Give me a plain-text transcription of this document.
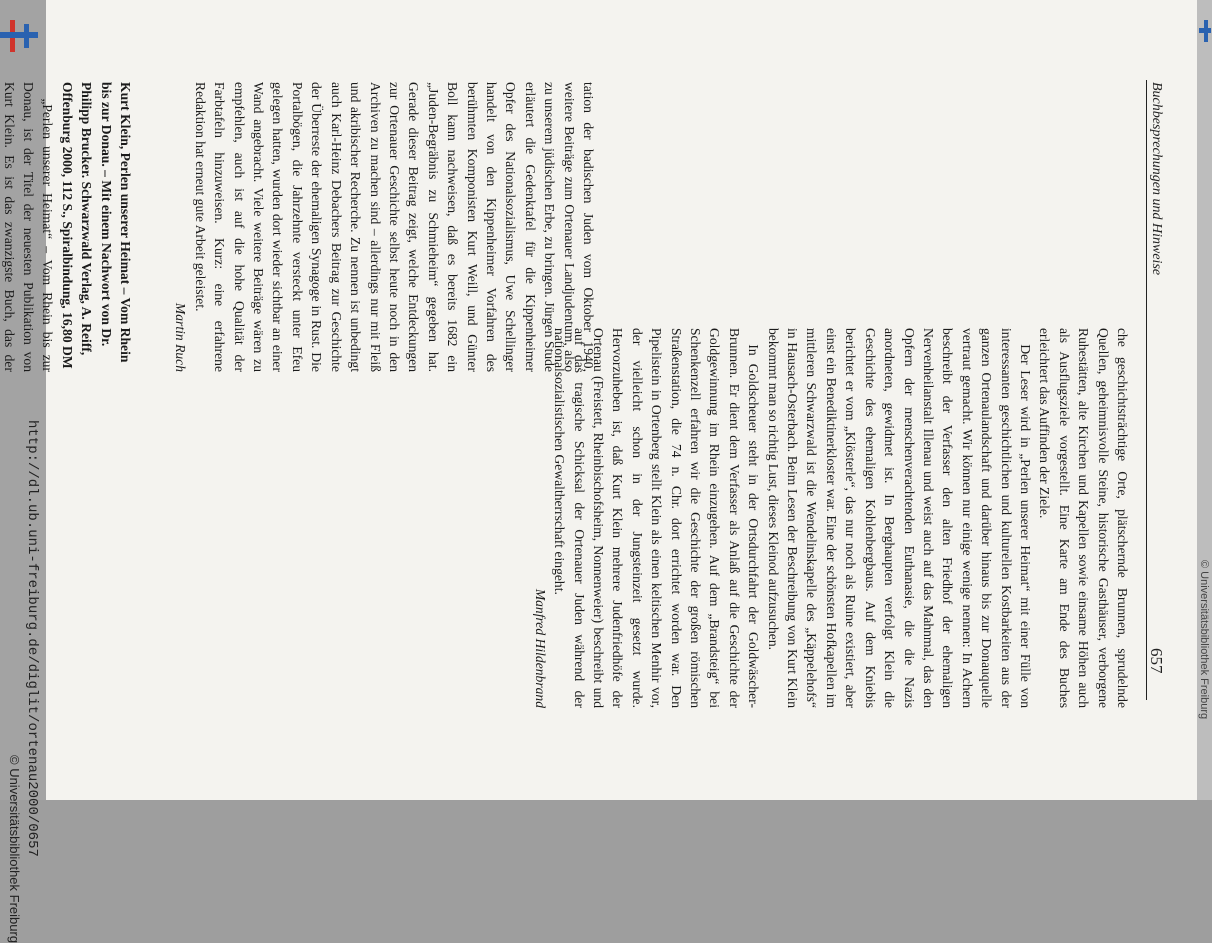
Buchbesprechungen und Hinweise
657

che geschichtsträchtige Orte, plätschernde Brunnen, sprudelnde Quellen, geheimnisvolle Steine, historische Gasthäuser, verborgene Ruhestätten, alte Kirchen und Kapellen sowie einsame Höhen auch als Ausflugsziele vorgestellt. Eine Karte am Ende des Buches erleichtert das Auffinden der Ziele.

Der Leser wird in „Perlen unserer Heimat“ mit einer Fülle von interessanten geschichtlichen und kulturellen Kostbarkeiten aus der ganzen Ortenaulandschaft und darüber hinaus bis zur Donauquelle vertraut gemacht. Wir können nur einige wenige nennen: In Achern beschreibt der Verfasser den alten Friedhof der ehemaligen Nervenheilanstalt Illenau und weist auch auf das Mahnmal, das den Opfern der menschenverachtenden Euthanasie, die die Nazis anordneten, gewidmet ist. In Berghaupten verfolgt Klein die Geschichte des ehemaligen Kohlenbergbaus. Auf dem Kniebis berichtet er vom „Klösterle“, das nur noch als Ruine existiert, aber einst ein Benediktinerkloster war. Eine der schönsten Hofkapellen im mittleren Schwarzwald ist die Wendelinskapelle des „Käppelehofs“ in Hausach-Osterbach. Beim Lesen der Beschreibung von Kurt Klein bekommt man so richtig Lust, dieses Kleinod aufzusuchen.

In Goldscheuer steht in der Ortsdurchfahrt der Goldwäscher-Brunnen. Er dient dem Verfasser als Anlaß auf die Geschichte der Goldgewinnung im Rhein einzugehen. Auf dem „Brandsteig“ bei Schenkenzell erfahren wir die Geschichte der großen römischen Straßenstation, die 74 n. Chr. dort errichtet worden war. Den Pipelistein in Ortenberg stellt Klein als einen keltischen Menhir vor, der vielleicht schon in der Jungsteinzeit gesetzt wurde. Hervorzuheben ist, daß Kurt Klein mehrere Judenfriedhöfe der Ortenau (Freistett, Rheinbischofsheim, Nonnenweier) beschreibt und auf das tragische Schicksal der Ortenauer Juden während der nationalsozialistischen Gewaltherrschaft eingeht.

Manfred Hildenbrand

tation der badischen Juden vom Oktober 1940, weitere Beiträge zum Ortenauer Landjudentum, also zu unserem jüdischen Erbe, zu bringen. Jürgen Stude erläutert die Gedenktafel für die Kippenheimer Opfer des Nationalsozialismus, Uwe Schellinger handelt von den Kippenheimer Vorfahren des berühmten Komponisten Kurt Weill, und Günter Boll kann nachweisen, daß es bereits 1682 ein „Juden-Begräbnis zu Schmieheim“ gegeben hat. Gerade dieser Beitrag zeigt, welche Entdeckungen zur Ortenauer Geschichte selbst heute noch in den Archiven zu machen sind – allerdings nur mit Fleiß und akribischer Recherche. Zu nennen ist unbedingt auch Karl-Heinz Debachers Beitrag zur Geschichte der Überreste der ehemaligen Synagoge in Rust. Die Portalbögen, die Jahrzehnte versteckt unter Efeu gelegen hatten, wurden dort wieder sichtbar an einer Wand angebracht. Viele weitere Beiträge wären zu empfehlen, auch ist auf die hohe Qualität der Farbtafeln hinzuweisen. Kurz: eine erfahrene Redaktion hat erneut gute Arbeit geleistet.

Martin Ruch

Kurt Klein, Perlen unserer Heimat – Vom Rhein bis zur Donau. – Mit einem Nachwort von Dr. Philipp Brucker. Schwarzwald Verlag, A. Reiff, Offenburg 2000, 112 S., Spiralbindung, 16,80 DM

„Perlen unserer Heimat“ – Vom Rhein bis zur Donau, ist der Titel der neuesten Publikation von Kurt Klein. Es ist das zwanzigste Buch, das der

http://dl.ub.uni-freiburg.de/diglit/ortenau2000/0657
© Universitätsbibliothek Freiburg
© Universitätsbibliothek Freiburg
